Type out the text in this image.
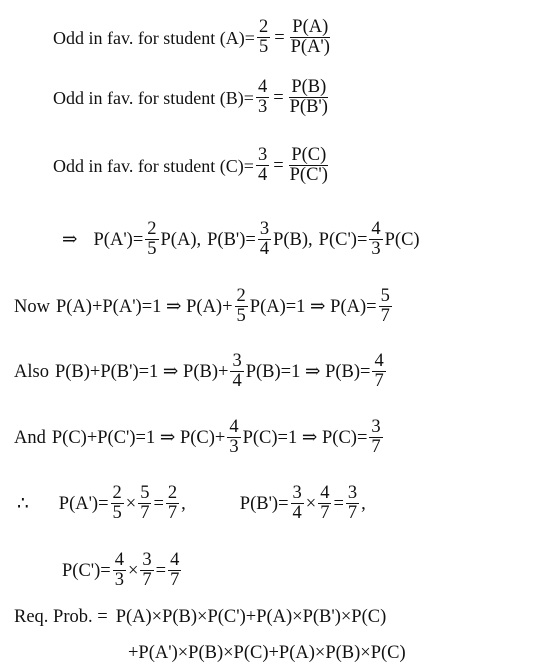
Odd in fav. for student $(A)= \frac{2}{5} = \frac{P(A)}{P(A')}$
Odd in fav. for student $(B)= \frac{4}{3} = \frac{P(B)}{P(B')}$
Odd in fav. for student $(C)= \frac{3}{4} = \frac{P(C)}{P(C')}$
⇒ $P(A')= \frac{2}{5} P(A)$, $P(B')= \frac{3}{4} P(B)$, $P(C')= \frac{4}{3} P(C)$
Now P(A)+P(A')=1 ⇒ $P(A)+ \frac{2}{5} P(A)=1$ ⇒ $P(A)= \frac{5}{7}$
Also P(B)+P(B')=1 ⇒ $P(B)+ \frac{3}{4} P(B)=1$ ⇒ $P(B)= \frac{4}{7}$
And P(C)+P(C')=1 ⇒ $P(C)+ \frac{4}{3} P(C)=1$ ⇒ $P(C)= \frac{3}{7}$
∴ $P(A')= \frac{2}{5} \times \frac{5}{7} = \frac{2}{7}$ ,	$P(B')= \frac{3}{4} \times \frac{4}{7} = \frac{3}{7}$ ,
$P(C')= \frac{4}{3} \times \frac{3}{7} = \frac{4}{7}$
Req. Prob. = P(A)×P(B)×P(C')+P(A)×P(B')×P(C)
+P(A')×P(B)×P(C)+P(A)×P(B)×P(C)
